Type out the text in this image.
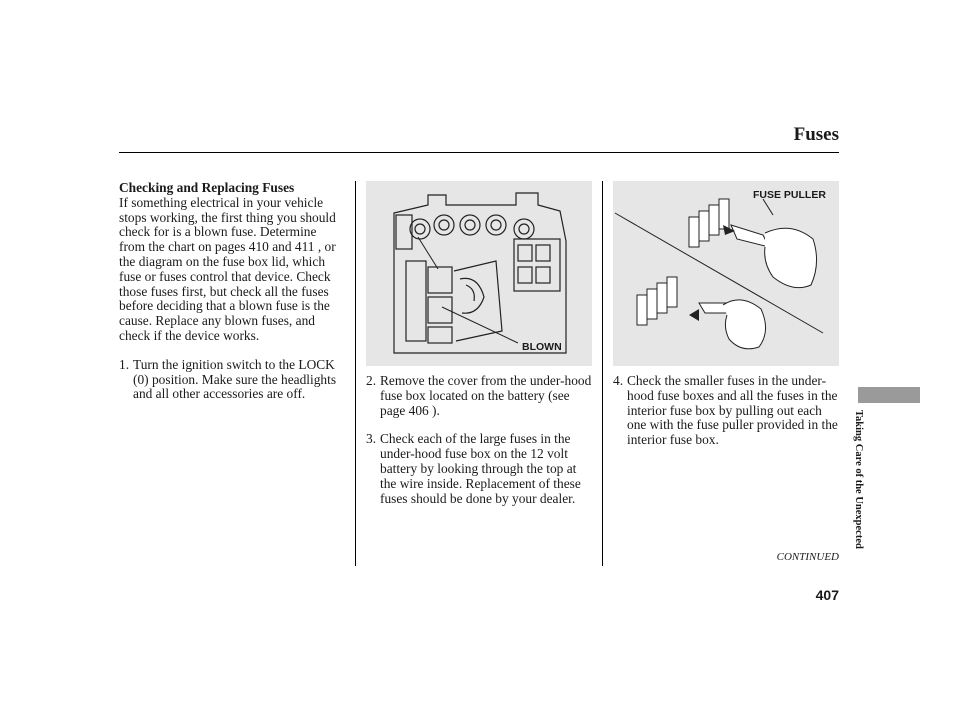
Fuses
Checking and Replacing Fuses
If something electrical in your vehicle stops working, the first thing you should check for is a blown fuse. Determine from the chart on pages 410 and 411 , or the diagram on the fuse box lid, which fuse or fuses control that device. Check those fuses first, but check all the fuses before deciding that a blown fuse is the cause. Replace any blown fuses, and check if the device works.
1. Turn the ignition switch to the LOCK (0) position. Make sure the headlights and all other accessories are off.
BLOWN
2. Remove the cover from the under-hood fuse box located on the battery (see page 406 ).
3. Check each of the large fuses in the under-hood fuse box on the 12 volt battery by looking through the top at the wire inside. Replacement of these fuses should be done by your dealer.
FUSE PULLER
4. Check the smaller fuses in the under-hood fuse boxes and all the fuses in the interior fuse box by pulling out each one with the fuse puller provided in the interior fuse box.	Taking Care of the Unexpected
CONTINUED
407
